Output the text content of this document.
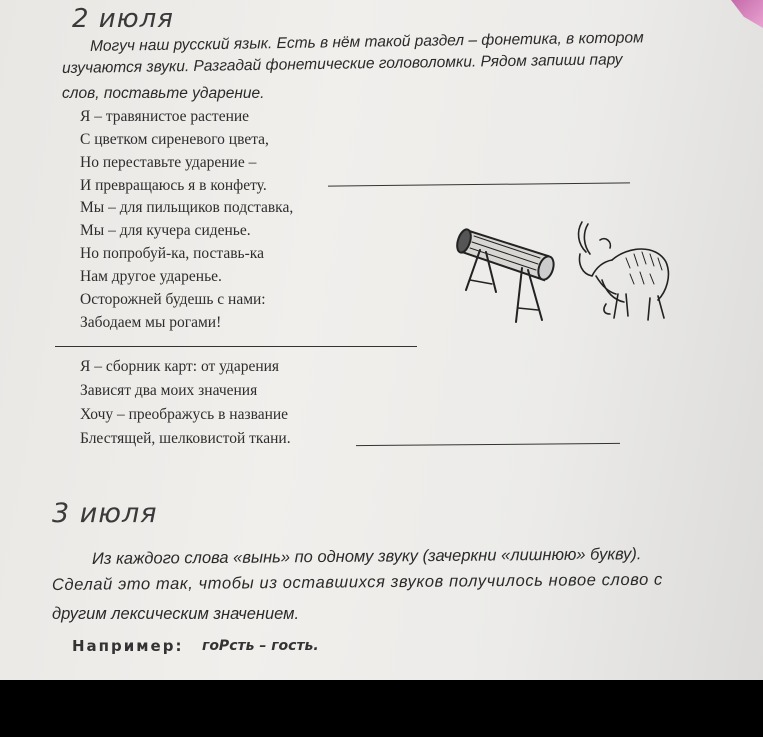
2 июля
Могуч наш русский язык. Есть в нём такой раздел – фонетика, в котором
изучаются звуки. Разгадай фонетические головоломки. Рядом запиши пару
слов, поставьте ударение.
Я – травянистое растение
С цветком сиреневого цвета,
Но переставьте ударение –
И превращаюсь я в конфету.
Мы – для пильщиков подставка,
Мы – для кучера сиденье.
Но попробуй-ка, поставь-ка
Нам другое ударенье.
Осторожней будешь с нами:
Забодаем мы рогами!
Я – сборник карт: от ударения
Зависят два моих значения
Хочу – преображусь в название
Блестящей, шелковистой ткани.
3 июля
Из каждого слова «вынь» по одному звуку (зачеркни «лишнюю» букву).
Сделай это так, чтобы из оставшихся звуков получилось новое слово с
другим лексическим значением.
Например: гоРсть – гость.
